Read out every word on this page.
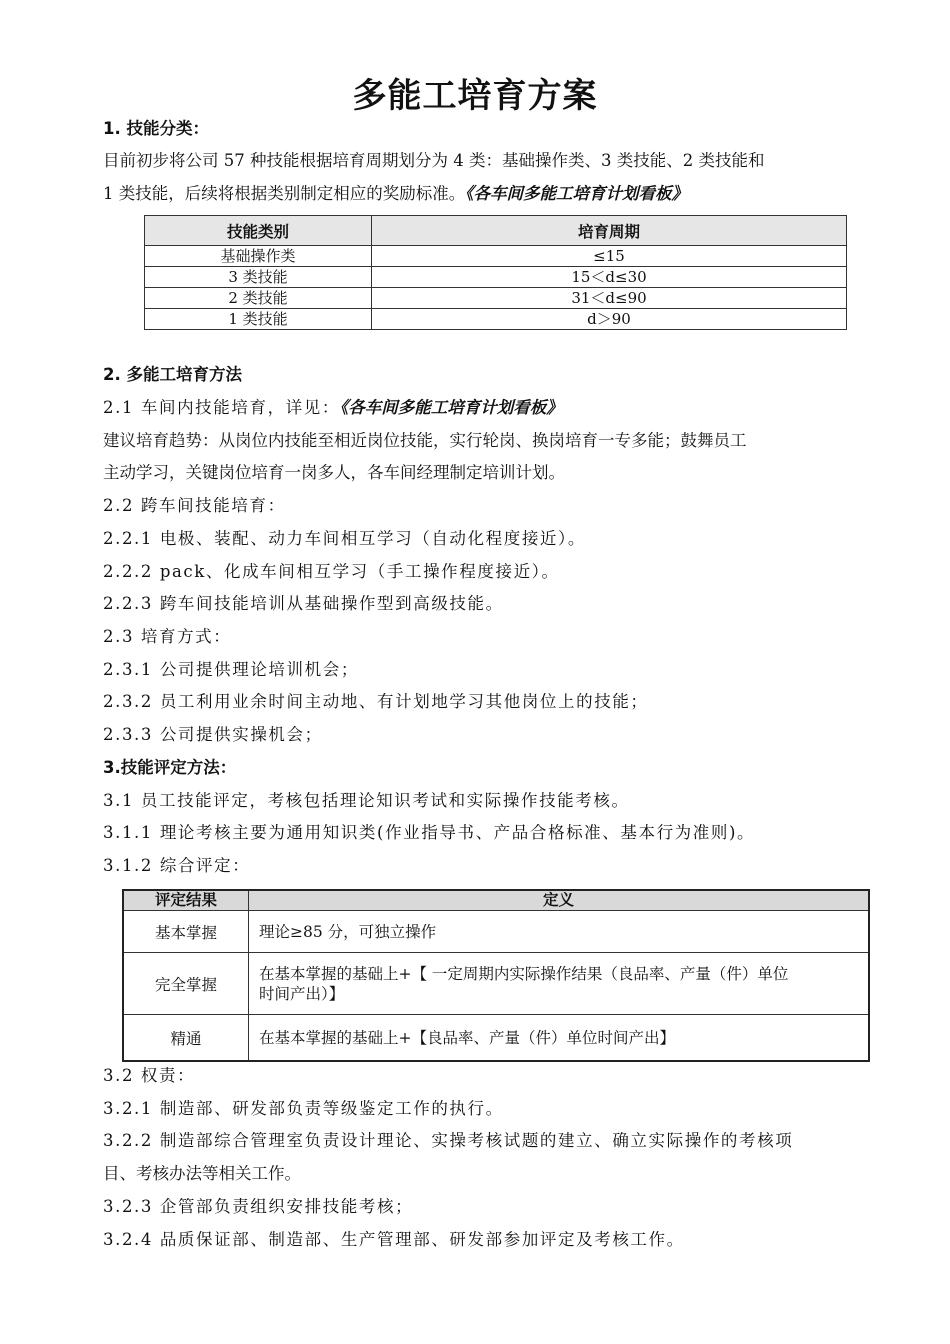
多能工培育方案
1. 技能分类：
目前初步将公司 57 种技能根据培育周期划分为 4 类：基础操作类、3 类技能、2 类技能和
1 类技能，后续将根据类别制定相应的奖励标准。《各车间多能工培育计划看板》
技能类别	培育周期
基础操作类	≤15
3 类技能	15＜d≤30
2 类技能	31＜d≤90
1 类技能	d＞90
2. 多能工培育方法
2.1 车间内技能培育，详见：《各车间多能工培育计划看板》
建议培育趋势：从岗位内技能至相近岗位技能，实行轮岗、换岗培育一专多能；鼓舞员工
主动学习，关键岗位培育一岗多人，各车间经理制定培训计划。
2.2 跨车间技能培育：
2.2.1 电极、装配、动力车间相互学习（自动化程度接近）。
2.2.2 pack、化成车间相互学习（手工操作程度接近）。
2.2.3 跨车间技能培训从基础操作型到高级技能。
2.3 培育方式：
2.3.1 公司提供理论培训机会；
2.3.2 员工利用业余时间主动地、有计划地学习其他岗位上的技能；
2.3.3 公司提供实操机会；
3.技能评定方法：
3.1 员工技能评定，考核包括理论知识考试和实际操作技能考核。
3.1.1 理论考核主要为通用知识类(作业指导书、产品合格标准、基本行为准则)。
3.1.2 综合评定：
评定结果	定义
基本掌握	理论≥85 分，可独立操作

完全掌握	在基本掌握的基础上+【 一定周期内实际操作结果（良品率、产量（件）单位
时间产出）】

精通	在基本掌握的基础上+【良品率、产量（件）单位时间产出】
3.2 权责：
3.2.1 制造部、研发部负责等级鉴定工作的执行。
3.2.2 制造部综合管理室负责设计理论、实操考核试题的建立、确立实际操作的考核项
目、考核办法等相关工作。
3.2.3 企管部负责组织安排技能考核；
3.2.4 品质保证部、制造部、生产管理部、研发部参加评定及考核工作。
